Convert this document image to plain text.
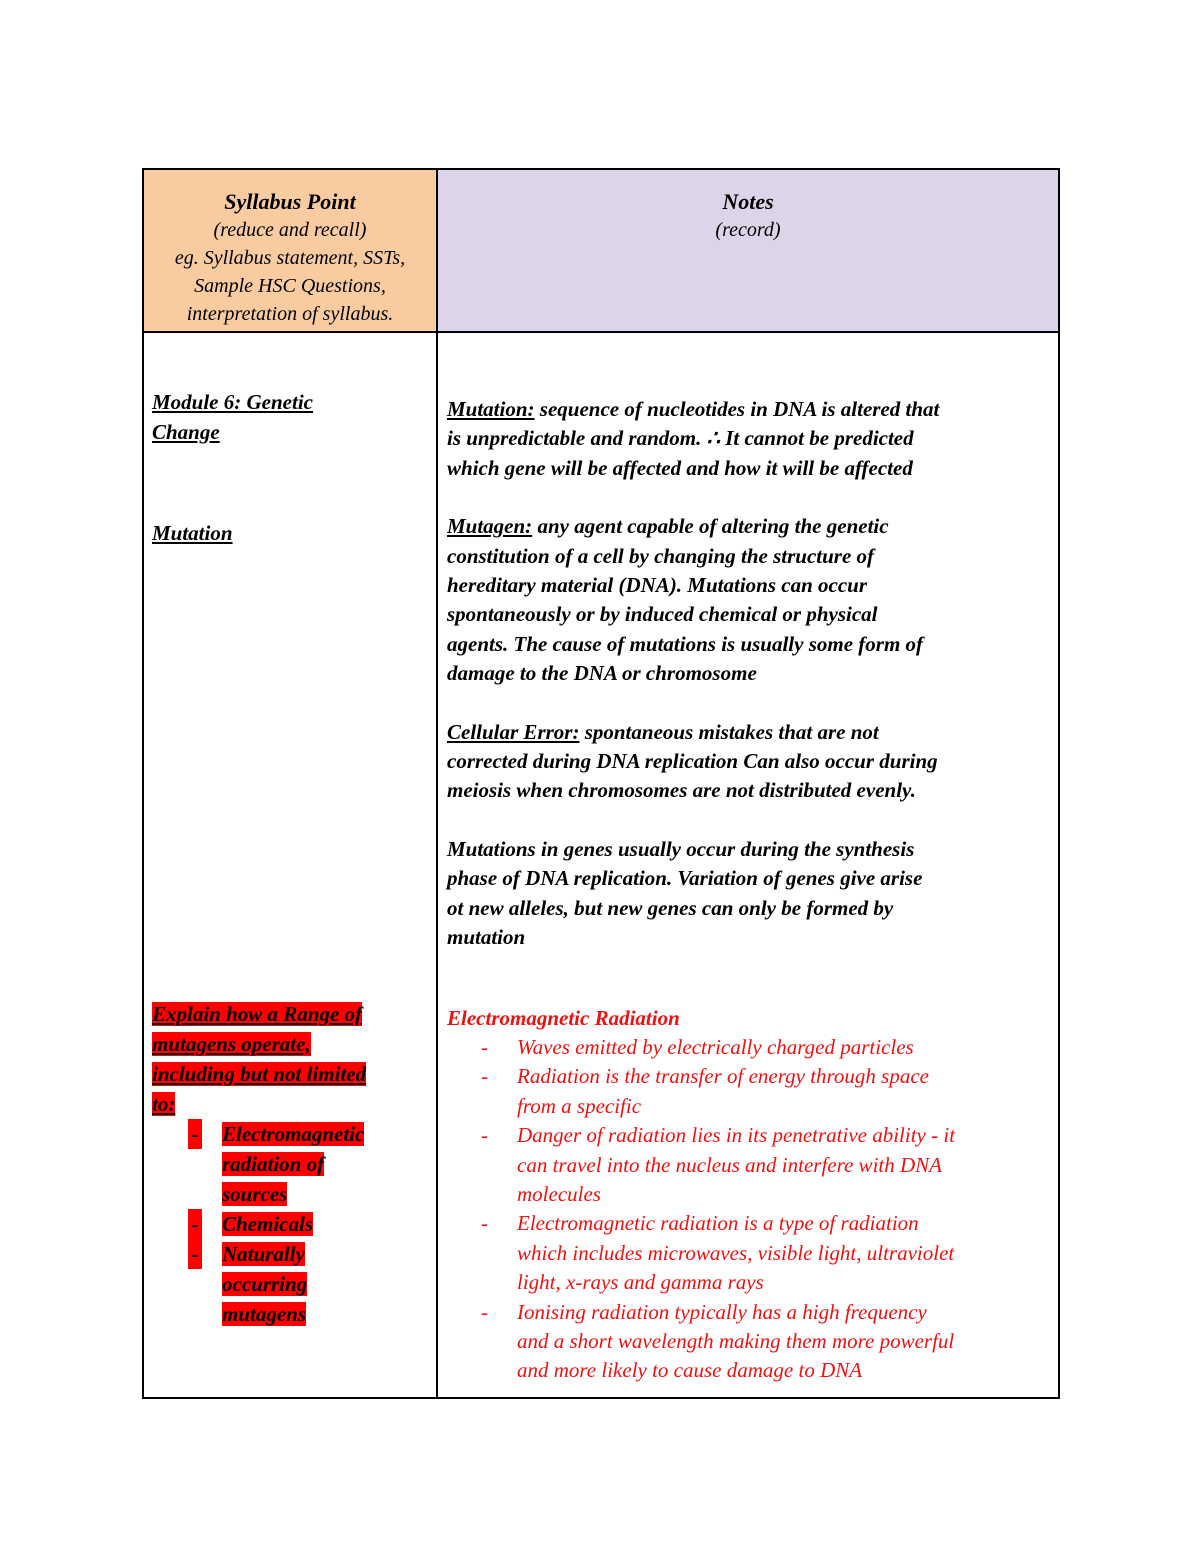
Syllabus Point
(reduce and recall)
eg. Syllabus statement, SSTs,
Sample HSC Questions,
interpretation of syllabus.
Notes
(record)
Module 6: Genetic
Change
Mutation
Explain how a Range of
mutagens operate,
including but not limited
to:
- Electromagnetic
radiation of
sources
- Chemicals
- Naturally
occurring
mutagens

Mutation: sequence of nucleotides in DNA is altered that
is unpredictable and random. ∴ It cannot be predicted
which gene will be affected and how it will be affected

Mutagen: any agent capable of altering the genetic
constitution of a cell by changing the structure of
hereditary material (DNA). Mutations can occur
spontaneously or by induced chemical or physical
agents. The cause of mutations is usually some form of
damage to the DNA or chromosome

Cellular Error: spontaneous mistakes that are not
corrected during DNA replication Can also occur during
meiosis when chromosomes are not distributed evenly.

Mutations in genes usually occur during the synthesis
phase of DNA replication. Variation of genes give arise
ot new alleles, but new genes can only be formed by
mutation

Electromagnetic Radiation
- Waves emitted by electrically charged particles
- Radiation is the transfer of energy through space
from a specific
- Danger of radiation lies in its penetrative ability - it
can travel into the nucleus and interfere with DNA
molecules
- Electromagnetic radiation is a type of radiation
which includes microwaves, visible light, ultraviolet
light, x-rays and gamma rays
- Ionising radiation typically has a high frequency
and a short wavelength making them more powerful
and more likely to cause damage to DNA
